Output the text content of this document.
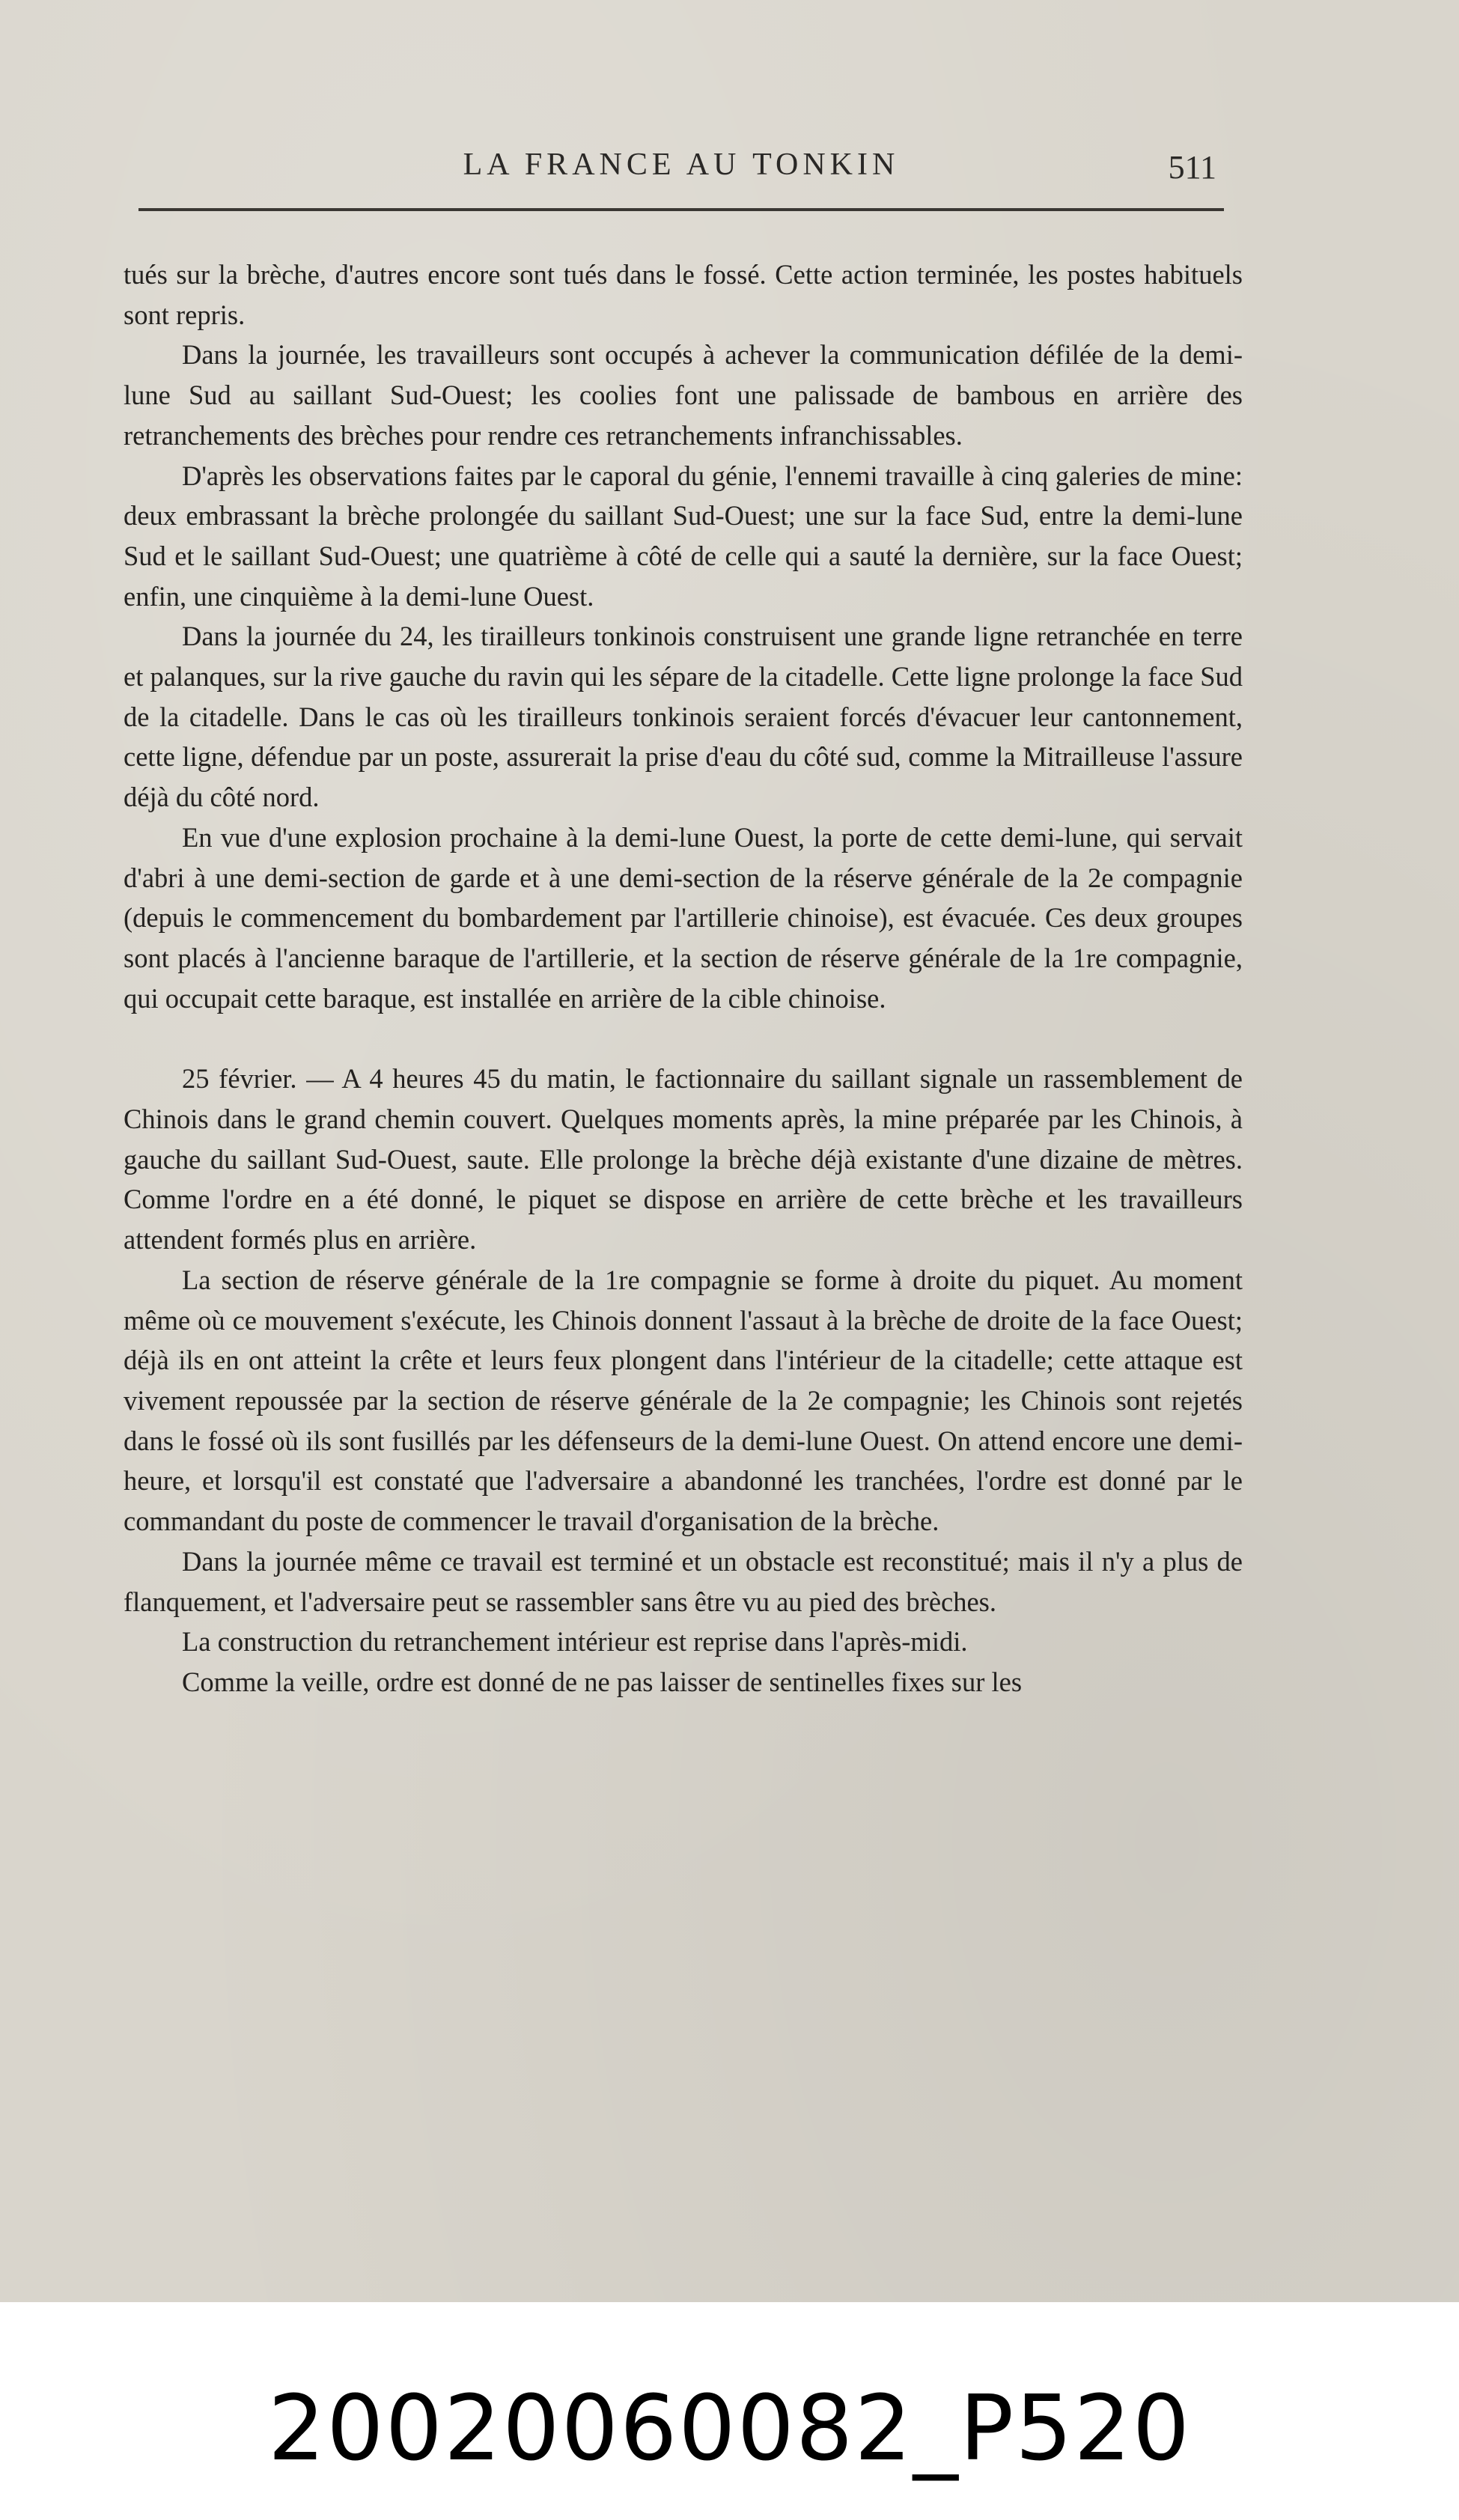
LA FRANCE AU TONKIN	511

tués sur la brèche, d'autres encore sont tués dans le fossé. Cette action terminée, les postes habituels sont repris.

Dans la journée, les travailleurs sont occupés à achever la communication défilée de la demi-lune Sud au saillant Sud-Ouest; les coolies font une palissade de bambous en arrière des retranchements des brèches pour rendre ces retranchements infranchissables.

D'après les observations faites par le caporal du génie, l'ennemi travaille à cinq galeries de mine: deux embrassant la brèche prolongée du saillant Sud-Ouest; une sur la face Sud, entre la demi-lune Sud et le saillant Sud-Ouest; une quatrième à côté de celle qui a sauté la dernière, sur la face Ouest; enfin, une cinquième à la demi-lune Ouest.

Dans la journée du 24, les tirailleurs tonkinois construisent une grande ligne retranchée en terre et palanques, sur la rive gauche du ravin qui les sépare de la citadelle. Cette ligne prolonge la face Sud de la citadelle. Dans le cas où les tirailleurs tonkinois seraient forcés d'évacuer leur cantonnement, cette ligne, défendue par un poste, assurerait la prise d'eau du côté sud, comme la Mitrailleuse l'assure déjà du côté nord.

En vue d'une explosion prochaine à la demi-lune Ouest, la porte de cette demi-lune, qui servait d'abri à une demi-section de garde et à une demi-section de la réserve générale de la 2e compagnie (depuis le commencement du bombardement par l'artillerie chinoise), est évacuée. Ces deux groupes sont placés à l'ancienne baraque de l'artillerie, et la section de réserve générale de la 1re compagnie, qui occupait cette baraque, est installée en arrière de la cible chinoise.

25 février. — A 4 heures 45 du matin, le factionnaire du saillant signale un rassemblement de Chinois dans le grand chemin couvert. Quelques moments après, la mine préparée par les Chinois, à gauche du saillant Sud-Ouest, saute. Elle prolonge la brèche déjà existante d'une dizaine de mètres. Comme l'ordre en a été donné, le piquet se dispose en arrière de cette brèche et les travailleurs attendent formés plus en arrière.

La section de réserve générale de la 1re compagnie se forme à droite du piquet. Au moment même où ce mouvement s'exécute, les Chinois donnent l'assaut à la brèche de droite de la face Ouest; déjà ils en ont atteint la crête et leurs feux plongent dans l'intérieur de la citadelle; cette attaque est vivement repoussée par la section de réserve générale de la 2e compagnie; les Chinois sont rejetés dans le fossé où ils sont fusillés par les défenseurs de la demi-lune Ouest. On attend encore une demi-heure, et lorsqu'il est constaté que l'adversaire a abandonné les tranchées, l'ordre est donné par le commandant du poste de commencer le travail d'organisation de la brèche.

Dans la journée même ce travail est terminé et un obstacle est reconstitué; mais il n'y a plus de flanquement, et l'adversaire peut se rassembler sans être vu au pied des brèches.

La construction du retranchement intérieur est reprise dans l'après-midi.

Comme la veille, ordre est donné de ne pas laisser de sentinelles fixes sur les

20020060082_P520
